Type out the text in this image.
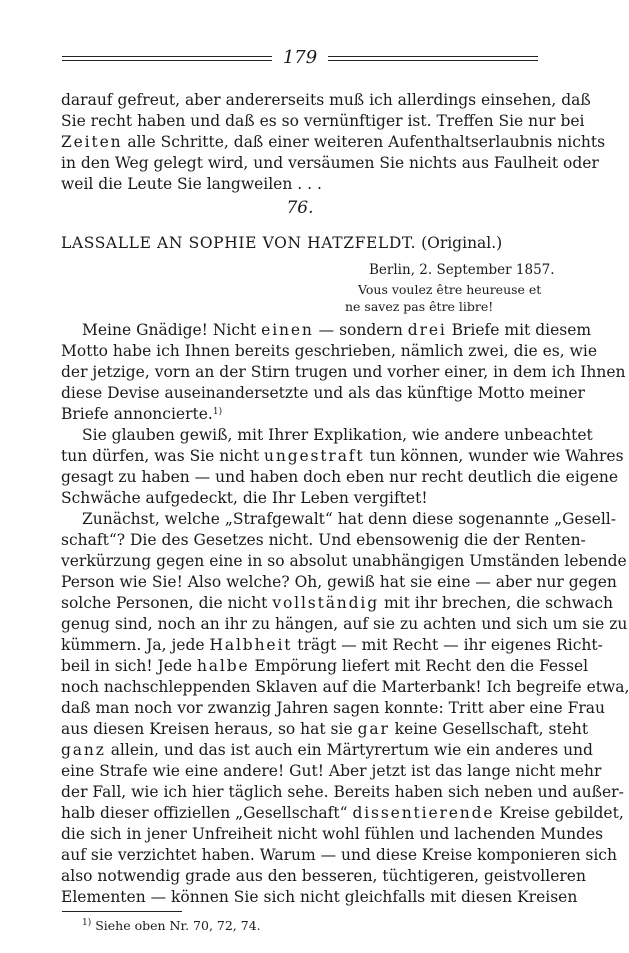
179
darauf gefreut, aber andererseits muß ich allerdings einsehen, daß
Sie recht haben und daß es so vernünftiger ist. Treffen Sie nur bei
Zeiten alle Schritte, daß einer weiteren Aufenthaltserlaubnis nichts
in den Weg gelegt wird, und versäumen Sie nichts aus Faulheit oder
weil die Leute Sie langweilen . . .
76.
LASSALLE AN SOPHIE VON HATZFELDT. (Original.)
Berlin, 2. September 1857.
Vous voulez être heureuse et
ne savez pas être libre!
Meine Gnädige! Nicht einen — sondern drei Briefe mit diesem
Motto habe ich Ihnen bereits geschrieben, nämlich zwei, die es, wie
der jetzige, vorn an der Stirn trugen und vorher einer, in dem ich Ihnen
diese Devise auseinandersetzte und als das künftige Motto meiner
Briefe annoncierte.$^{1)}$
Sie glauben gewiß, mit Ihrer Explikation, wie andere unbeachtet
tun dürfen, was Sie nicht ungestraft tun können, wunder wie Wahres
gesagt zu haben — und haben doch eben nur recht deutlich die eigene
Schwäche aufgedeckt, die Ihr Leben vergiftet!
Zunächst, welche „Strafgewalt“ hat denn diese sogenannte „Gesell-
schaft“? Die des Gesetzes nicht. Und ebensowenig die der Renten-
verkürzung gegen eine in so absolut unabhängigen Umständen lebende
Person wie Sie! Also welche? Oh, gewiß hat sie eine — aber nur gegen
solche Personen, die nicht vollständig mit ihr brechen, die schwach
genug sind, noch an ihr zu hängen, auf sie zu achten und sich um sie zu
kümmern. Ja, jede Halbheit trägt — mit Recht — ihr eigenes Richt-
beil in sich! Jede halbe Empörung liefert mit Recht den die Fessel
noch nachschleppenden Sklaven auf die Marterbank! Ich begreife etwa,
daß man noch vor zwanzig Jahren sagen konnte: Tritt aber eine Frau
aus diesen Kreisen heraus, so hat sie gar keine Gesellschaft, steht
ganz allein, und das ist auch ein Märtyrertum wie ein anderes und
eine Strafe wie eine andere! Gut! Aber jetzt ist das lange nicht mehr
der Fall, wie ich hier täglich sehe. Bereits haben sich neben und außer-
halb dieser offiziellen „Gesellschaft“ dissentierende Kreise gebildet,
die sich in jener Unfreiheit nicht wohl fühlen und lachenden Mundes
auf sie verzichtet haben. Warum — und diese Kreise komponieren sich
also notwendig grade aus den besseren, tüchtigeren, geistvolleren
Elementen — können Sie sich nicht gleichfalls mit diesen Kreisen
$^{1)}$ Siehe oben Nr. 70, 72, 74.
